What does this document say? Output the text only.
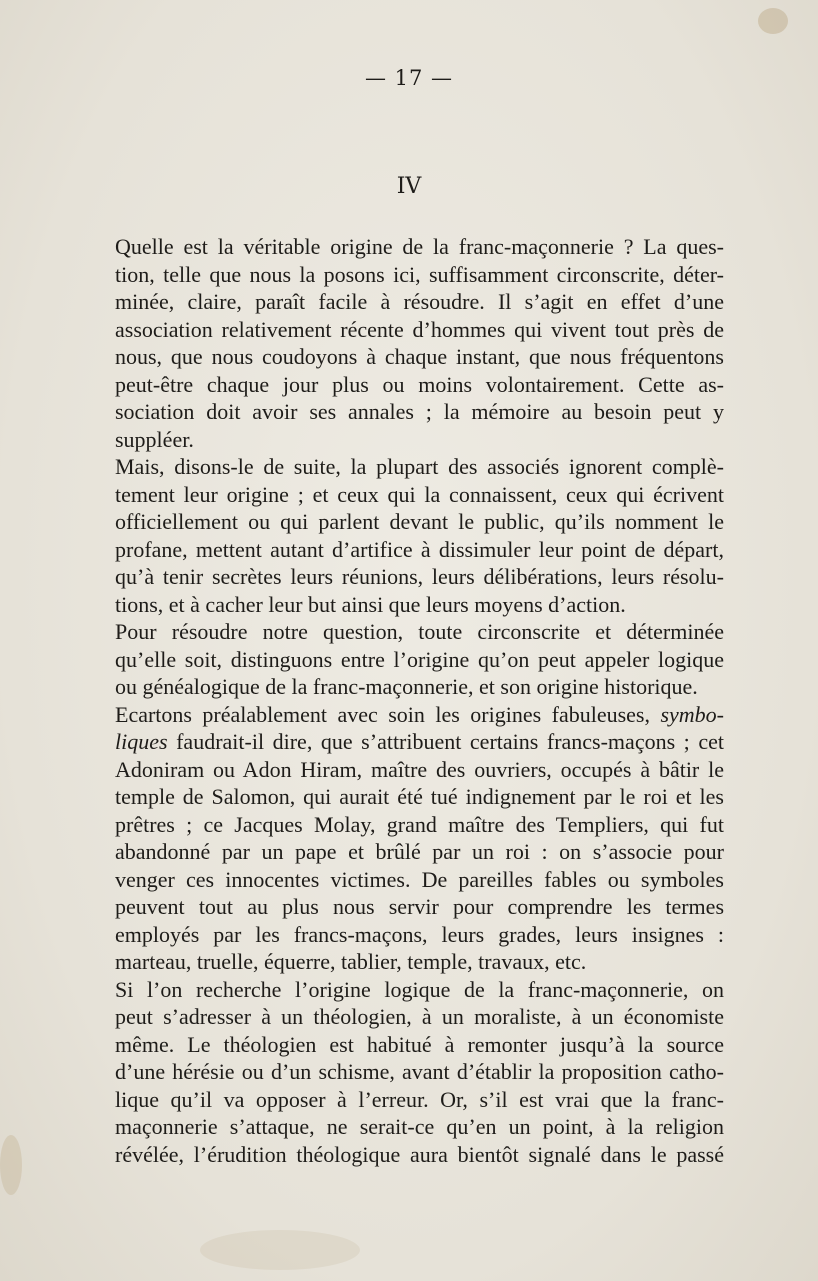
— 17 —
IV
Quelle est la véritable origine de la franc-maçonnerie ? La ques-
tion, telle que nous la posons ici, suffisamment circonscrite, déter-
minée, claire, paraît facile à résoudre. Il s’agit en effet d’une
association relativement récente d’hommes qui vivent tout près de
nous, que nous coudoyons à chaque instant, que nous fréquentons
peut-être chaque jour plus ou moins volontairement. Cette as-
sociation doit avoir ses annales ; la mémoire au besoin peut y
suppléer.
Mais, disons-le de suite, la plupart des associés ignorent complè-
tement leur origine ; et ceux qui la connaissent, ceux qui écrivent
officiellement ou qui parlent devant le public, qu’ils nomment le
profane, mettent autant d’artifice à dissimuler leur point de départ,
qu’à tenir secrètes leurs réunions, leurs délibérations, leurs résolu-
tions, et à cacher leur but ainsi que leurs moyens d’action.
Pour résoudre notre question, toute circonscrite et déterminée
qu’elle soit, distinguons entre l’origine qu’on peut appeler logique
ou généalogique de la franc-maçonnerie, et son origine historique.
Ecartons préalablement avec soin les origines fabuleuses, symbo-
liques faudrait-il dire, que s’attribuent certains francs-maçons ; cet
Adoniram ou Adon Hiram, maître des ouvriers, occupés à bâtir le
temple de Salomon, qui aurait été tué indignement par le roi et les
prêtres ; ce Jacques Molay, grand maître des Templiers, qui fut
abandonné par un pape et brûlé par un roi : on s’associe pour
venger ces innocentes victimes. De pareilles fables ou symboles
peuvent tout au plus nous servir pour comprendre les termes
employés par les francs-maçons, leurs grades, leurs insignes :
marteau, truelle, équerre, tablier, temple, travaux, etc.
Si l’on recherche l’origine logique de la franc-maçonnerie, on
peut s’adresser à un théologien, à un moraliste, à un économiste
même. Le théologien est habitué à remonter jusqu’à la source
d’une hérésie ou d’un schisme, avant d’établir la proposition catho-
lique qu’il va opposer à l’erreur. Or, s’il est vrai que la franc-
maçonnerie s’attaque, ne serait-ce qu’en un point, à la religion
révélée, l’érudition théologique aura bientôt signalé dans le passé
